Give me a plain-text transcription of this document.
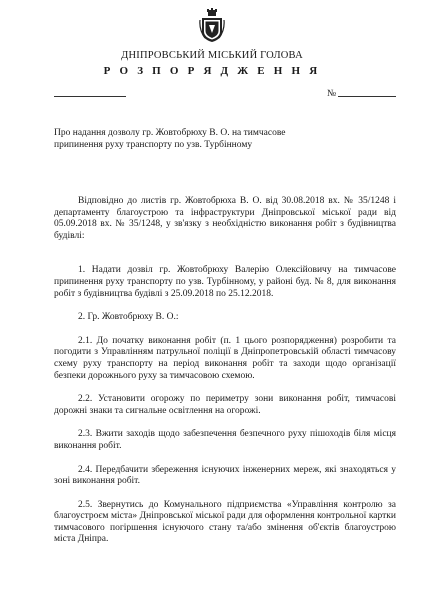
ДНІПРОВСЬКИЙ МІСЬКИЙ ГОЛОВА
Р О З П О Р Я Д Ж Е Н Н Я
№

Про надання дозволу гр. Жовтобрюху В. О. на тимчасове припинення руху транспорту по узв. Турбінному

Відповідно до листів гр. Жовтобрюха В. О. від 30.08.2018 вх. № 35/1248 і департаменту благоустрою та інфраструктури Дніпровської міської ради від 05.09.2018 вх. № 35/1248, у зв'язку з необхідністю виконання робіт з будівництва будівлі:

1. Надати дозвіл гр. Жовтобрюху Валерію Олексійовичу на тимчасове припинення руху транспорту по узв. Турбінному, у районі буд. № 8, для виконання робіт з будівництва будівлі з 25.09.2018 по 25.12.2018.

2. Гр. Жовтобрюху В. О.:

2.1. До початку виконання робіт (п. 1 цього розпорядження) розробити та погодити з Управлінням патрульної поліції в Дніпропетровській області тимчасову схему руху транспорту на період виконання робіт та заходи щодо організації безпеки дорожнього руху за тимчасовою схемою.

2.2. Установити огорожу по периметру зони виконання робіт, тимчасові дорожні знаки та сигнальне освітлення на огорожі.

2.3. Вжити заходів щодо забезпечення безпечного руху пішоходів біля місця виконання робіт.

2.4. Передбачити збереження існуючих інженерних мереж, які знаходяться у зоні виконання робіт.

2.5. Звернутись до Комунального підприємства «Управління контролю за благоустроєм міста» Дніпровської міської ради для оформлення контрольної картки тимчасового погіршення існуючого стану та/або змінення об'єктів благоустрою міста Дніпра.
